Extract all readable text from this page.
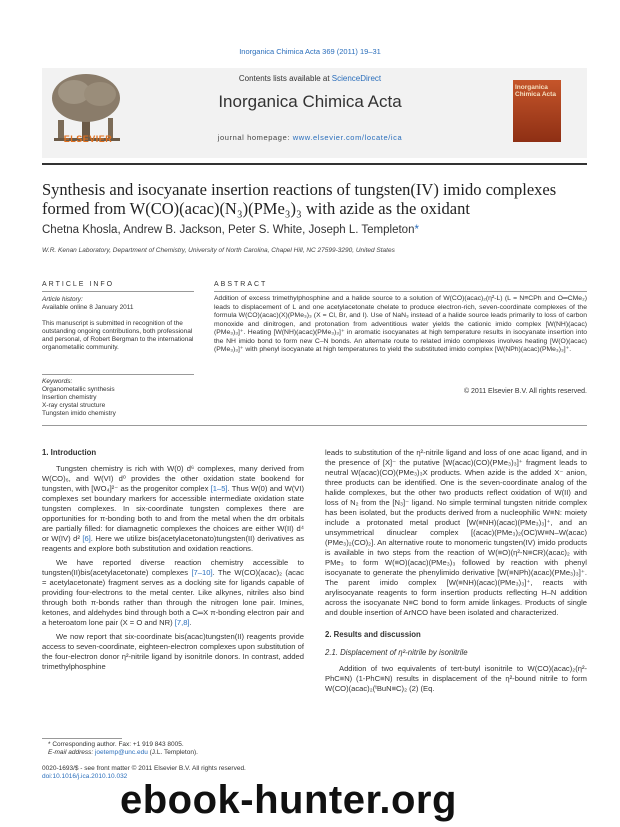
Inorganica Chimica Acta 369 (2011) 19–31
ELSEVIER
Contents lists available at ScienceDirect
Inorganica Chimica Acta
journal homepage: www.elsevier.com/locate/ica
Inorganica Chimica Acta
Synthesis and isocyanate insertion reactions of tungsten(IV) imido complexes formed from W(CO)(acac)(N₃)(PMe₃)₃ with azide as the oxidant
Chetna Khosla, Andrew B. Jackson, Peter S. White, Joseph L. Templeton*
W.R. Kenan Laboratory, Department of Chemistry, University of North Carolina, Chapel Hill, NC 27599-3290, United States
ARTICLE INFO
Article history:
Available online 8 January 2011
This manuscript is submitted in recognition of the outstanding ongoing contributions, both professional and personal, of Robert Bergman to the international organometallic community.
Keywords:
Organometallic synthesis
Insertion chemistry
X-ray crystal structure
Tungsten imido chemistry
ABSTRACT
Addition of excess trimethylphosphine and a halide source to a solution of W(CO)(acac)₂(η²-L) (L = N≡CPh and O═CMe₂) leads to displacement of L and one acetylacetonate chelate to produce electron-rich, seven-coordinate complexes of the formula W(CO)(acac)(X)(PMe₃)₃ (X = Cl, Br, and I). Use of NaN₃ instead of a halide source leads primarily to loss of carbon monoxide and dinitrogen, and protonation from adventitious water yields the cationic imido complex [W(NH)(acac)(PMe₃)₃]⁺. Heating [W(NH)(acac)(PMe₃)₃]⁺ in aromatic isocyanates at high temperature results in isocyanate insertion into the NH imido bond to form new C–N bonds. An alternate route to related imido complexes involves heating [W(O)(acac)(PMe₃)₃]⁺ with phenyl isocyanate at high temperatures to yield the substituted imido complex [W(NPh)(acac)(PMe₃)₃]⁺.
© 2011 Elsevier B.V. All rights reserved.
1. Introduction

Tungsten chemistry is rich with W(0) d⁶ complexes, many derived from W(CO)₆, and W(VI) d⁰ provides the other oxidation state bookend for tungsten, with [WO₄]²⁻ as the progenitor complex [1–5]. Thus W(0) and W(VI) complexes set boundary markers for accessible intermediate oxidation state tungsten complexes. In six-coordinate tungsten complexes there are opportunities for π-bonding both to and from the metal when the dπ orbitals are partially filled: for diamagnetic complexes the choices are either W(II) d⁴ or W(IV) d² [6]. Here we utilize bis(acetylacetonato)tungsten(II) derivatives as reagents and explore both substitution and oxidation reactions.

We have reported diverse reaction chemistry accessible to tungsten(II)bis(acetylacetonate) complexes [7–10]. The W(CO)(acac)₂ (acac = acetylacetonate) fragment serves as a docking site for ligands capable of providing four-electrons to the metal center. Like alkynes, nitriles also bind through both π-bonds rather than through the nitrogen lone pair. Imines, ketones, and aldehydes bind through both a C═X π-bonding electron pair and a heteroatom lone pair (X = O and NR) [7,8].

We now report that six-coordinate bis(acac)tungsten(II) reagents provide access to seven-coordinate, eighteen-electron complexes upon substitution of the four-electron donor η²-nitrile ligand by isonitrile donors. In contrast, added trimethylphosphine

leads to substitution of the η²-nitrile ligand and loss of one acac ligand, and in the presence of [X]⁻ the putative [W(acac)(CO)(PMe₃)₃]⁺ fragment leads to neutral W(acac)(CO)(PMe₃)₃X products. When azide is the added X⁻ anion, three products can be identified. One is the seven-coordinate analog of the halide complexes, but the other two products reflect oxidation of W(II) and loss of N₂ from the [N₃]⁻ ligand. No simple terminal tungsten nitride complex has been isolated, but the products derived from a nucleophilic W≡N: moiety include a protonated metal product [W(≡NH)(acac)(PMe₃)₃]⁺, and an unsymmetrical dinuclear complex [(acac)(PMe₃)₂(OC)W≡N–W(acac)(PMe₃)₂(CO)₂]. An alternative route to monomeric tungsten(IV) imido products is available in two steps from the reaction of W(≡O)(η²-N≡CR)(acac)₂ with PMe₃ to form W(≡O)(acac)(PMe₃)₃ followed by reaction with phenyl isocyanate to generate the phenylimido derivative [W(≡NPh)(acac)(PMe₃)₃]⁺. The parent imido complex [W(≡NH)(acac)(PMe₃)₃]⁺, reacts with arylisocyanate reagents to form insertion products reflecting H–N addition across the isocyanate N≡C bond to form amide linkages. Products of single and double insertion of ArNCO have been isolated and characterized.

2. Results and discussion
2.1. Displacement of η²-nitrile by isonitrile

Addition of two equivalents of tert-butyl isonitrile to W(CO)(acac)₂(η²-PhC≡N) (1-PhC≡N) results in displacement of the η²-bound nitrile to form W(CO)(acac)₂(ᵗBuN≡C)₂ (2) (Eq.

* Corresponding author. Fax: +1 919 843 8005.
E-mail address: joetemp@unc.edu (J.L. Templeton).
0020-1693/$ - see front matter © 2011 Elsevier B.V. All rights reserved.
doi:10.1016/j.ica.2010.10.032
ebook-hunter.org
